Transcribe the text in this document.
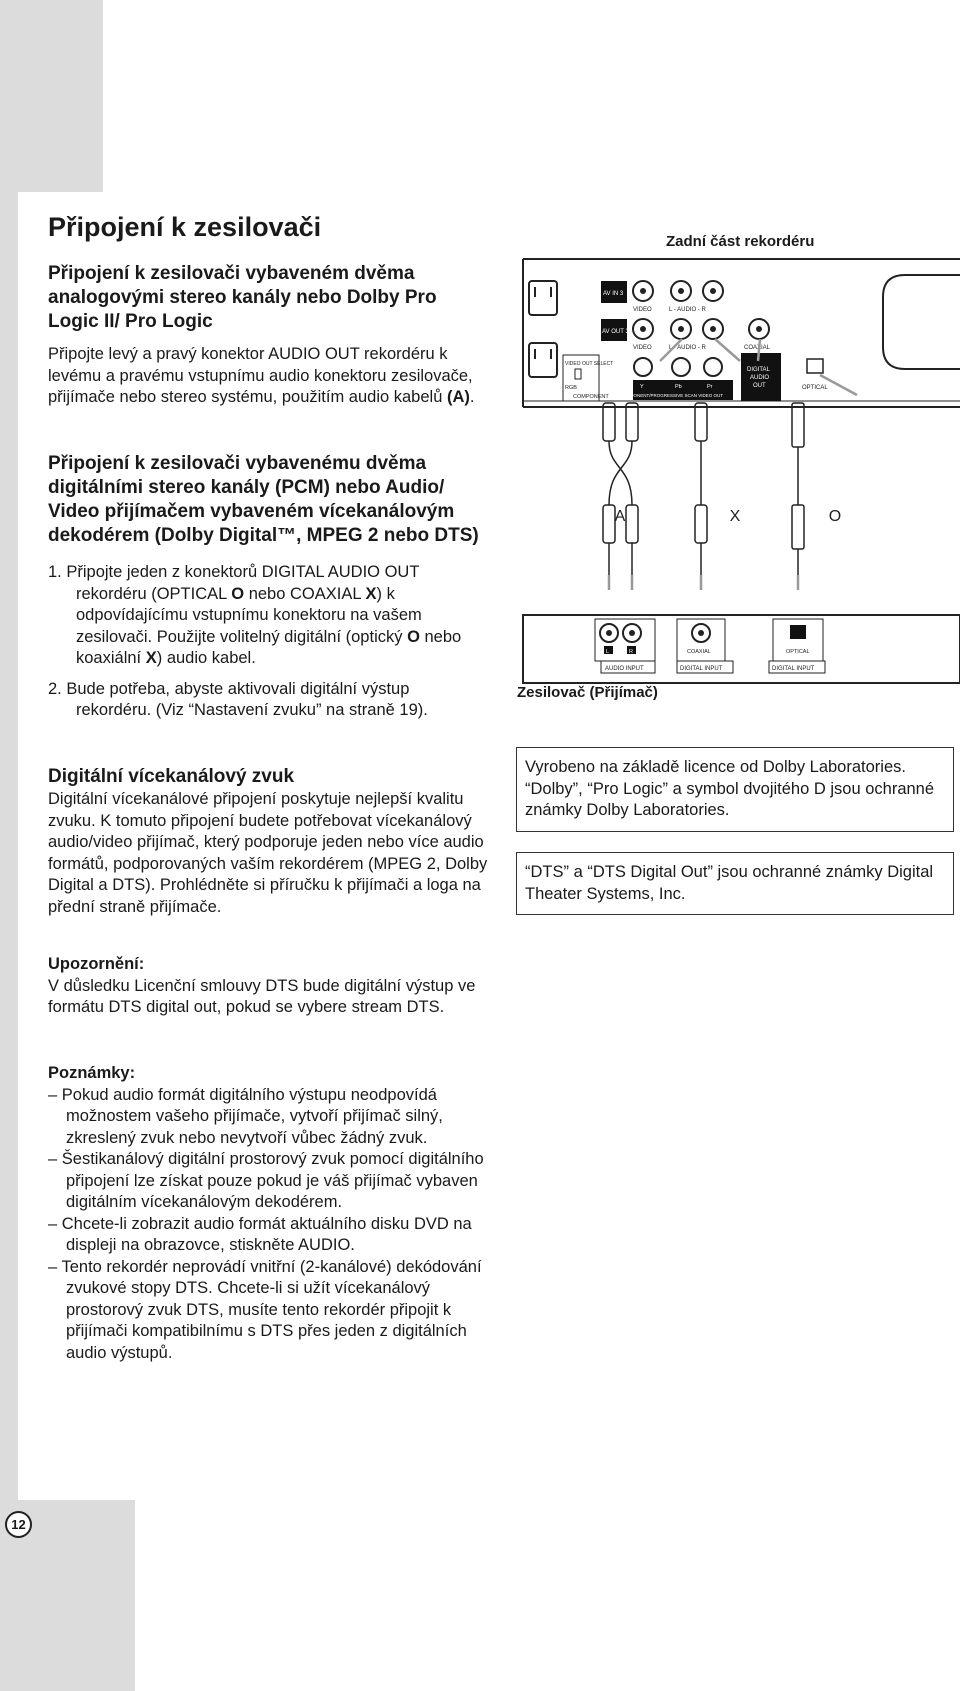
12
Připojení k zesilovači

Připojení k zesilovači vybaveném dvěma analogovými stereo kanály nebo Dolby Pro Logic II/ Pro Logic

Připojte levý a pravý konektor AUDIO OUT rekordéru k levému a pravému vstupnímu audio konektoru zesilovače, přijímače nebo stereo systému, použitím audio kabelů (A).

Připojení k zesilovači vybavenému dvěma digitálními stereo kanály (PCM) nebo Audio/ Video přijímačem vybaveném vícekanálovým dekodérem (Dolby Digital™, MPEG 2 nebo DTS)

1. Připojte jeden z konektorů DIGITAL AUDIO OUT rekordéru (OPTICAL O nebo COAXIAL X) k odpovídajícímu vstupnímu konektoru na vašem zesilovači. Použijte volitelný digitální (optický O nebo koaxiální X) audio kabel.

2. Bude potřeba, abyste aktivovali digitální výstup rekordéru. (Viz “Nastavení zvuku” na straně 19).

Digitální vícekanálový zvuk

Digitální vícekanálové připojení poskytuje nejlepší kvalitu zvuku. K tomuto připojení budete potřebovat vícekanálový audio/video přijímač, který podporuje jeden nebo více audio formátů, podporovaných vaším rekordérem (MPEG 2, Dolby Digital a DTS). Prohlédněte si příručku k přijímači a loga na přední straně přijímače.

Upozornění:

V důsledku Licenční smlouvy DTS bude digitální výstup ve formátu DTS digital out, pokud se vybere stream DTS.

Poznámky:

– Pokud audio formát digitálního výstupu neodpovídá možnostem vašeho přijímače, vytvoří přijímač silný, zkreslený zvuk nebo nevytvoří vůbec žádný zvuk.

– Šestikanálový digitální prostorový zvuk pomocí digitálního připojení lze získat pouze pokud je váš přijímač vybaven digitálním vícekanálovým dekodérem.

– Chcete-li zobrazit audio formát aktuálního disku DVD na displeji na obrazovce, stiskněte AUDIO.

– Tento rekordér neprovádí vnitřní (2-kanálové) dekódování zvukové stopy DTS. Chcete-li si užít vícekanálový prostorový zvuk DTS, musíte tento rekordér připojit k přijímači kompatibilnímu s DTS přes jeden z digitálních audio výstupů.

Zadní část rekordéru
Zesilovač (Přijímač)
AV IN 3
VIDEO	L - AUDIO - R
AV OUT 3
VIDEO	L - AUDIO - R	COAXIAL
DIGITAL
AUDIO
OUT	OPTICAL
VIDEO OUT SELECT
RGB
COMPONENT
Y	Pb	Pr
COMPONENT/PROGRESSIVE SCAN VIDEO OUT
A	X	O
L	R
AUDIO INPUT
COAXIAL
DIGITAL INPUT
OPTICAL
DIGITAL INPUT
Vyrobeno na základě licence od Dolby Laboratories. “Dolby”, “Pro Logic” a symbol dvojitého D jsou ochranné známky Dolby Laboratories.
“DTS” a “DTS Digital Out” jsou ochranné známky Digital Theater Systems, Inc.
